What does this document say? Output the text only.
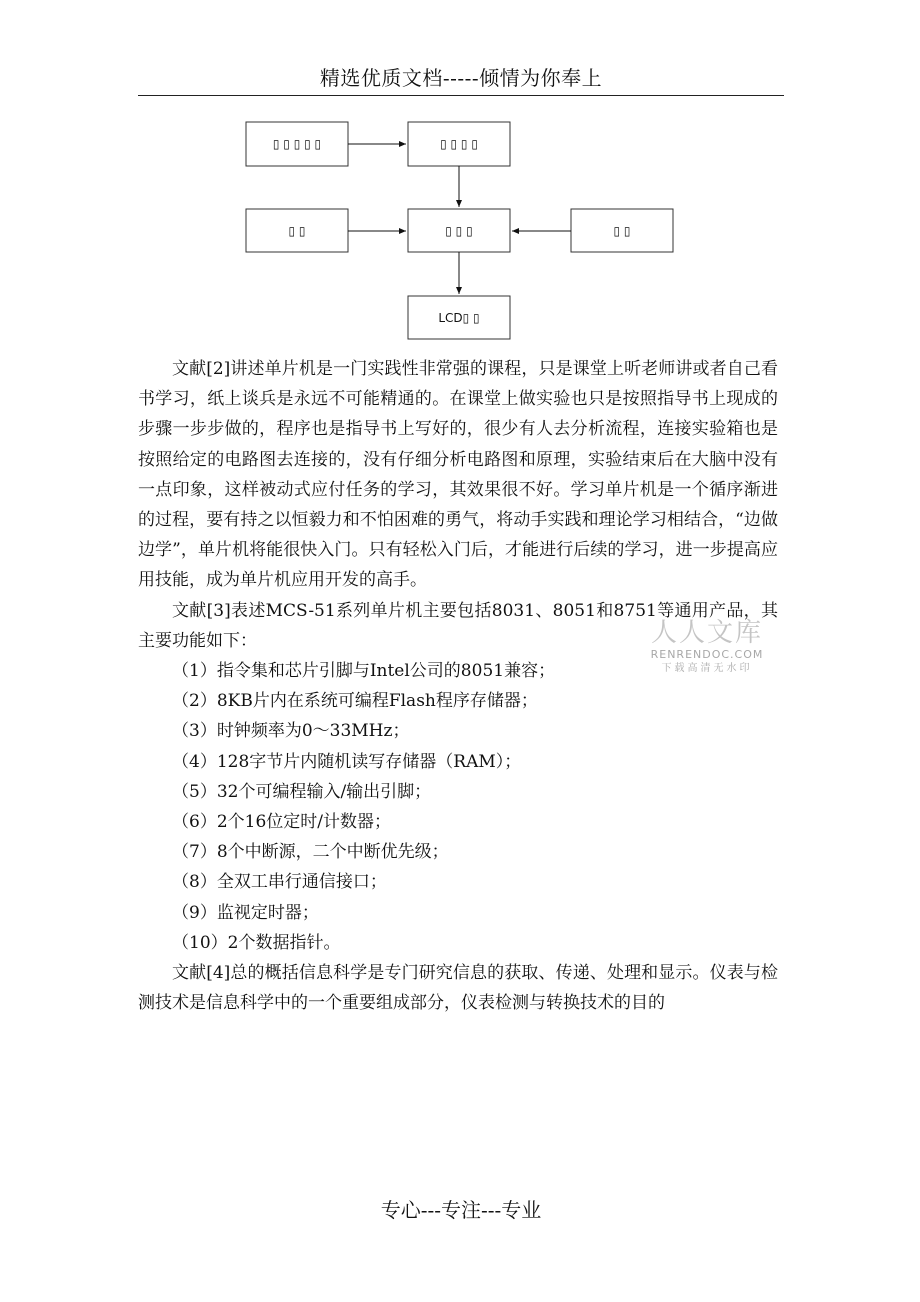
精选优质文档-----倾情为你奉上
▯ ▯ ▯ ▯ ▯	▯ ▯ ▯ ▯
▯ ▯	▯ ▯ ▯	▯ ▯
LCD▯ ▯

文献[2]讲述单片机是一门实践性非常强的课程，只是课堂上听老师讲或者自己看书学习，纸上谈兵是永远不可能精通的。在课堂上做实验也只是按照指导书上现成的步骤一步步做的，程序也是指导书上写好的，很少有人去分析流程，连接实验箱也是按照给定的电路图去连接的，没有仔细分析电路图和原理，实验结束后在大脑中没有一点印象，这样被动式应付任务的学习，其效果很不好。学习单片机是一个循序渐进的过程，要有持之以恒毅力和不怕困难的勇气，将动手实践和理论学习相结合，“边做边学”，单片机将能很快入门。只有轻松入门后，才能进行后续的学习，进一步提高应用技能，成为单片机应用开发的高手。

文献[3]表述MCS-51系列单片机主要包括8031、8051和8751等通用产品，其主要功能如下：

（1）指令集和芯片引脚与Intel公司的8051兼容；

（2）8KB片内在系统可编程Flash程序存储器；

（3）时钟频率为0～33MHz；

（4）128字节片内随机读写存储器（RAM）；

（5）32个可编程输入/输出引脚；

（6）2个16位定时/计数器；

（7）8个中断源，二个中断优先级；

（8）全双工串行通信接口；

（9）监视定时器；

（10）2个数据指针。

文献[4]总的概括信息科学是专门研究信息的获取、传递、处理和显示。仪表与检测技术是信息科学中的一个重要组成部分，仪表检测与转换技术的目的

人人文库
RENRENDOC.COM
下载高清无水印
专心---专注---专业
